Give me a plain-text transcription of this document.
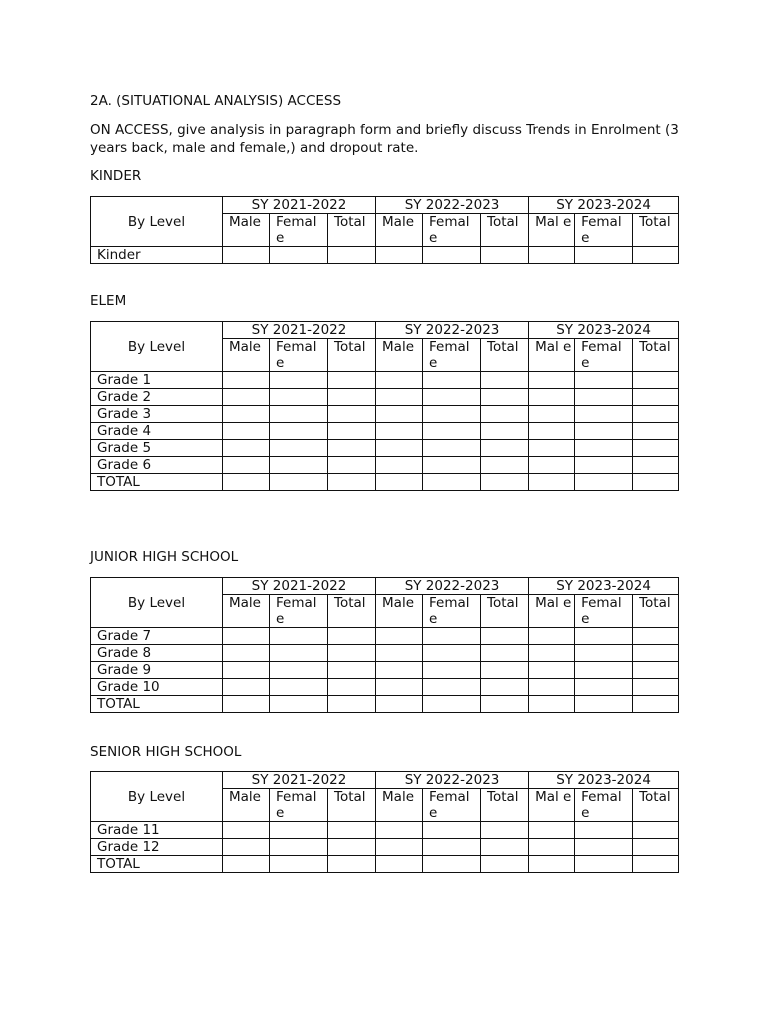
2A. (SITUATIONAL ANALYSIS) ACCESS
ON ACCESS, give analysis in paragraph form and briefly discuss Trends in Enrolment (3 years back, male and female,) and dropout rate.
KINDER
By Level	SY 2021-2022			SY 2022-2023			SY 2023-2024		
	Male	Femal e	Total	Male	Femal e	Total	Mal e	Femal e	Total
Kinder									
ELEM
By Level	SY 2021-2022			SY 2022-2023			SY 2023-2024		
	Male	Femal e	Total	Male	Femal e	Total	Mal e	Femal e	Total
Grade 1									
Grade 2									
Grade 3									
Grade 4									
Grade 5									
Grade 6									
TOTAL									
JUNIOR HIGH SCHOOL
By Level	SY 2021-2022			SY 2022-2023			SY 2023-2024		
	Male	Femal e	Total	Male	Femal e	Total	Mal e	Femal e	Total
Grade 7									
Grade 8									
Grade 9									
Grade 10									
TOTAL									
SENIOR HIGH SCHOOL
By Level	SY 2021-2022			SY 2022-2023			SY 2023-2024		
	Male	Femal e	Total	Male	Femal e	Total	Mal e	Femal e	Total
Grade 11									
Grade 12									
TOTAL									
